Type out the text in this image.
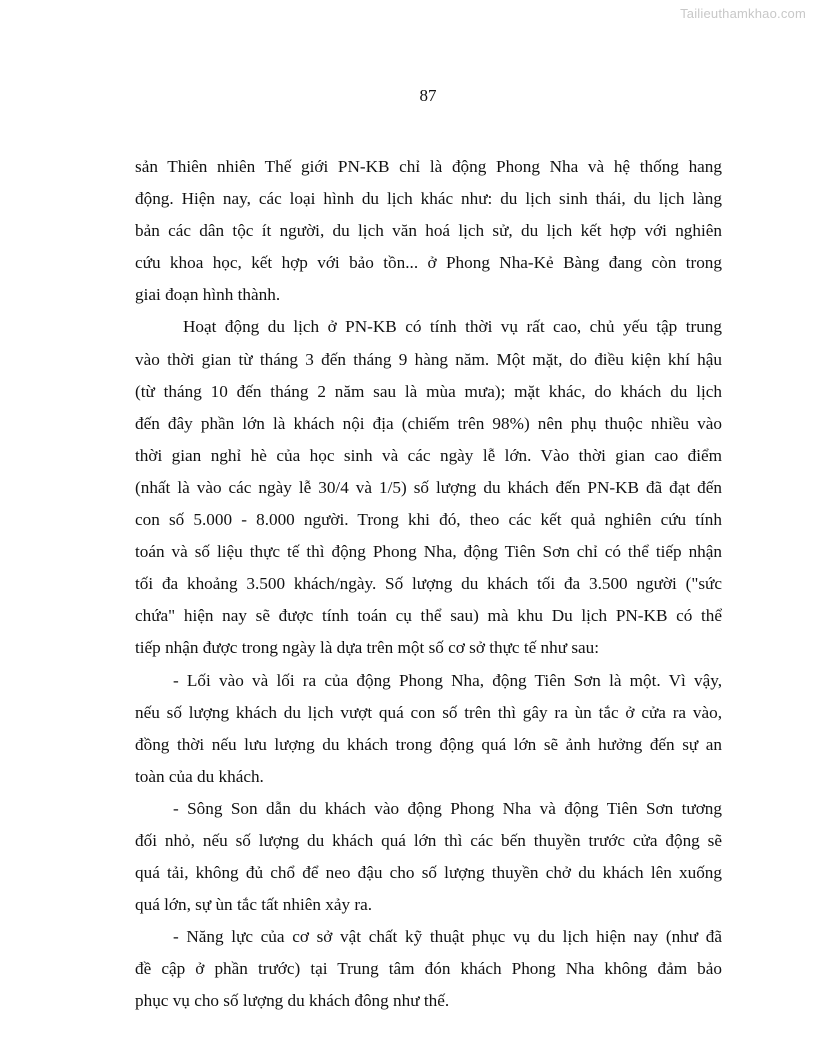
Tailieuthamkhao.com
87
sản Thiên nhiên Thế giới PN-KB chỉ là động Phong Nha và hệ thống hang
động. Hiện nay, các loại hình du lịch khác như: du lịch sinh thái, du lịch làng
bản các dân tộc ít người, du lịch văn hoá lịch sử, du lịch kết hợp với nghiên
cứu khoa học, kết hợp với bảo tồn... ở Phong Nha-Kẻ Bàng đang còn trong
giai đoạn hình thành.
Hoạt động du lịch ở PN-KB có tính thời vụ rất cao, chủ yếu tập trung
vào thời gian từ tháng 3 đến tháng 9 hàng năm. Một mặt, do điều kiện khí hậu
(từ tháng 10 đến tháng 2 năm sau là mùa mưa); mặt khác, do khách du lịch
đến đây phần lớn là khách nội địa (chiếm trên 98%) nên phụ thuộc nhiều vào
thời gian nghỉ hè của học sinh và các ngày lễ lớn. Vào thời gian cao điểm
(nhất là vào các ngày lễ 30/4 và 1/5) số lượng du khách đến PN-KB đã đạt đến
con số 5.000 - 8.000 người. Trong khi đó, theo các kết quả nghiên cứu tính
toán và số liệu thực tế thì động Phong Nha, động Tiên Sơn chỉ có thể tiếp nhận
tối đa khoảng 3.500 khách/ngày. Số lượng du khách tối đa 3.500 người ("sức
chứa" hiện nay sẽ được tính toán cụ thể sau) mà khu Du lịch PN-KB có thể
tiếp nhận được trong ngày là dựa trên một số cơ sở thực tế như sau:
- Lối vào và lối ra của động Phong Nha, động Tiên Sơn là một. Vì vậy,
nếu số lượng khách du lịch vượt quá con số trên thì gây ra ùn tắc ở cửa ra vào,
đồng thời nếu lưu lượng du khách trong động quá lớn sẽ ảnh hưởng đến sự an
toàn của du khách.
- Sông Son dẫn du khách vào động Phong Nha và động Tiên Sơn tương
đối nhỏ, nếu số lượng du khách quá lớn thì các bến thuyền trước cửa động sẽ
quá tải, không đủ chổ để neo đậu cho số lượng thuyền chở du khách lên xuống
quá lớn, sự ùn tắc tất nhiên xảy ra.
- Năng lực của cơ sở vật chất kỹ thuật phục vụ du lịch hiện nay (như đã
đề cập ở phần trước) tại Trung tâm đón khách Phong Nha không đảm bảo
phục vụ cho số lượng du khách đông như thế.
